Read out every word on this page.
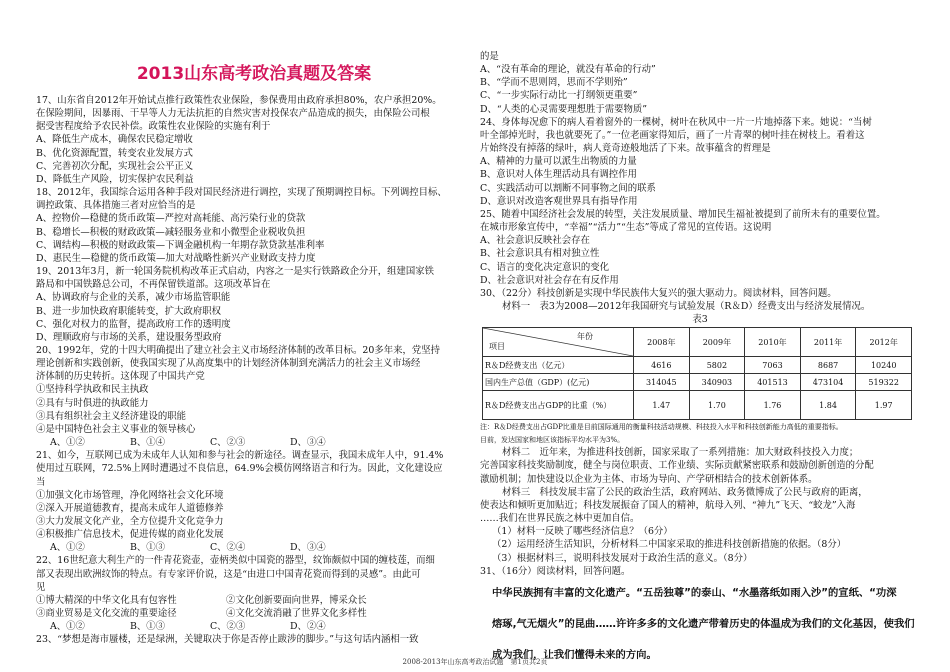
2013山东高考政治真题及答案

17、山东省自2012年开始试点推行政策性农业保险，参保费用由政府承担80%，农户承担20%。

在保险期间，因暴雨、干旱等人力无法抗拒的自然灾害对投保农产品造成的损失，由保险公司根

据受害程度给予农民补偿。政策性农业保险的实施有利于

A、降低生产成本，确保农民稳定增收

B、优化资源配置，转变农业发展方式

C、完善初次分配，实现社会公平正义

D、降低生产风险，切实保护农民利益

18、2012年，我国综合运用各种手段对国民经济进行调控，实现了预期调控目标。下列调控目标、

调控政策、具体措施三者对应恰当的是

A、控物价—稳健的货币政策—严控对高耗能、高污染行业的贷款

B、稳增长—积极的财政政策—减轻服务业和小微型企业税收负担

C、调结构—积极的财政政策—下调金融机构一年期存款贷款基准利率

D、惠民生—稳健的货币政策—加大对战略性新兴产业财政支持力度

19、2013年3月，新一轮国务院机构改革正式启动，内容之一是实行铁路政企分开，组建国家铁

路局和中国铁路总公司，不再保留铁道部。这项改革旨在

A、协调政府与企业的关系，减少市场监管职能

B、进一步加快政府职能转变，扩大政府职权

C、强化对权力的监督，提高政府工作的透明度

D、理顺政府与市场的关系，建设服务型政府

20、1992年，党的十四大明确提出了建立社会主义市场经济体制的改革目标。20多年来，党坚持

理论创新和实践创新，使我国实现了从高度集中的计划经济体制到充满活力的社会主义市场经

济体制的历史转折。这体现了中国共产党

①坚持科学执政和民主执政

②具有与时俱进的执政能力

③具有组织社会主义经济建设的职能

④是中国特色社会主义事业的领导核心

A、①②	B、①④	C、②③	D、③④

21、如今，互联网已成为未成年人认知和参与社会的新途径。调查显示，我国未成年人中，91.4%

使用过互联网，72.5%上网时遭遇过不良信息，64.9%会模仿网络语言和行为。因此，文化建设应

当

①加强文化市场管理，净化网络社会文化环境

②深入开展道德教育，提高未成年人道德修养

③大力发展文化产业，全方位提升文化竞争力

④积极推广信息技术，促进传媒的商业化发展

A、①②	B、①③	C、②④	D、③④

22、16世纪意大利生产的一件青花瓷壶，壶柄类似中国瓷的器型，纹饰颇似中国的缠枝莲，而细

部又表现出欧洲纹饰的特点。有专家评价说，这是“由进口中国青花瓷而得到的灵感”。由此可

见

①博大精深的中华文化具有包容性	②文化创新要面向世界，博采众长

③商业贸易是文化交流的重要途径	④文化交流消融了世界文化多样性

A、①②	B、①③	C、②③	D、②④

23、“梦想是海市蜃楼，还是绿洲，关键取决于你是否停止跋涉的脚步。”与这句话内涵相一致

的是

A、“没有革命的理论，就没有革命的行动”

B、“学而不思则罔，思而不学则殆”

C、“一步实际行动比一打纲领更重要”

D、“人类的心灵需要理想胜于需要物质”

24、身体每况愈下的病人看着窗外的一棵树，树叶在秋风中一片一片地掉落下来。她说：“当树

叶全部掉光时，我也就要死了。”一位老画家得知后，画了一片青翠的树叶挂在树枝上。看着这

片始终没有掉落的绿叶，病人竟奇迹般地活了下来。故事蕴含的哲理是

A、精神的力量可以派生出物质的力量

B、意识对人体生理活动具有调控作用

C、实践活动可以割断不同事物之间的联系

D、意识对改造客观世界具有指导作用

25、随着中国经济社会发展的转型，关注发展质量、增加民生福祉被提到了前所未有的重要位置。

在城市形象宣传中，“幸福”“活力”“生态”等成了常见的宣传语。这说明

A、社会意识反映社会存在

B、社会意识具有相对独立性

C、语言的变化决定意识的变化

D、社会意识对社会存在有反作用

30、（22分）科技创新是实现中华民族伟大复兴的强大驱动力。阅读材料，回答问题。

材料一　表3为2008—2012年我国研究与试验发展（R＆D）经费支出与经济发展情况。

表3

年份
项目	2008年	2009年	2010年	2011年	2012年
R＆D经费支出（亿元）	4616	5802	7063	8687	10240
国内生产总值（GDP）(亿元)	314045	340903	401513	473104	519322
R＆D经费支出占GDP的比重（%）	1.47	1.70	1.76	1.84	1.97

注：R＆D经费支出占GDP比重是目前国际通用的衡量科技活动规模、科技投入水平和科技创新能力高低的重要指标。

目前，发达国家和地区该指标平均水平为3%。

材料二　近年来，为推进科技创新，国家采取了一系列措施：加大财政科技投入力度；

完善国家科技奖励制度，健全与岗位职责、工作业绩、实际贡献紧密联系和鼓励创新创造的分配

激励机制；加快建设以企业为主体、市场为导向、产学研相结合的技术创新体系。

材料三　科技发展丰富了公民的政治生活，政府网站、政务微博成了公民与政府的距离，

使表达和倾听更加贴近；科技发展振奋了国人的精神，航母入列、“神九”飞天、“蛟龙”入海

……我们在世界民族之林中更加自信。

（1）材料一反映了哪些经济信息？（6分）

（2）运用经济生活知识，分析材料二中国家采取的推进科技创新措施的依据。（8分）

（3）根据材料三，说明科技发展对于政治生活的意义。（8分）

31、（16分）阅读材料，回答问题。

中华民族拥有丰富的文化遗产。“五岳独尊”的泰山、“水墨落纸如雨入沙”的宣纸、“功深

熔琢,气无烟火”的昆曲……许许多多的文化遗产带着历史的体温成为我们的文化基因，使我们

成为我们，让我们懂得未来的方向。

2008-2013年山东高考政治试题　第1页共2页
